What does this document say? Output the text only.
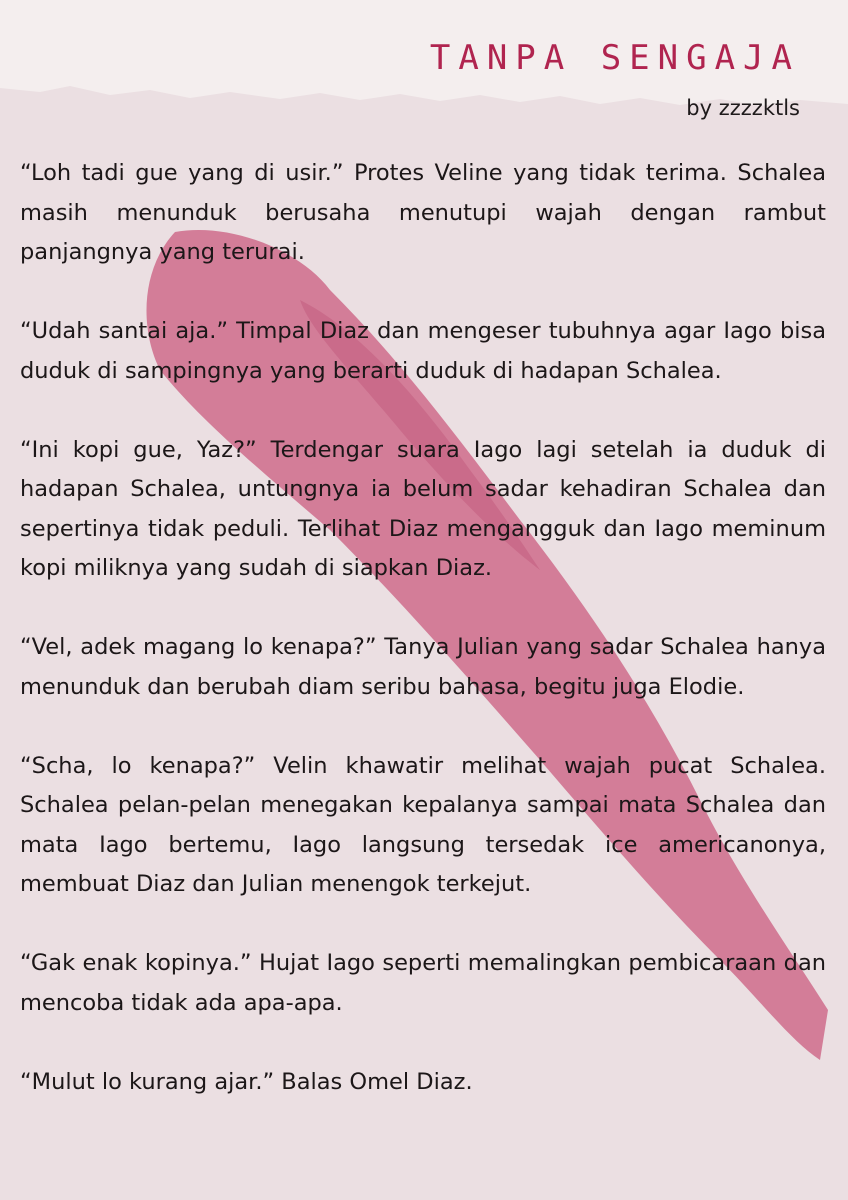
TANPA SENGAJA
by zzzzktls

“Loh tadi gue yang di usir.” Protes Veline yang tidak terima. Schalea masih menunduk berusaha menutupi wajah dengan rambut panjangnya yang terurai.

“Udah santai aja.” Timpal Diaz dan mengeser tubuhnya agar Iago bisa duduk di sampingnya yang berarti duduk di hadapan Schalea.

“Ini kopi gue, Yaz?” Terdengar suara Iago lagi setelah ia duduk di hadapan Schalea, untungnya ia belum sadar kehadiran Schalea dan sepertinya tidak peduli. Terlihat Diaz mengangguk dan Iago meminum kopi miliknya yang sudah di siapkan Diaz.

“Vel, adek magang lo kenapa?” Tanya Julian yang sadar Schalea hanya menunduk dan berubah diam seribu bahasa, begitu juga Elodie.

“Scha, lo kenapa?” Velin khawatir melihat wajah pucat Schalea. Schalea pelan-pelan menegakan kepalanya sampai mata Schalea dan mata Iago bertemu, Iago langsung tersedak ice americanonya, membuat Diaz dan Julian menengok terkejut.

“Gak enak kopinya.” Hujat Iago seperti memalingkan pembicaraan dan mencoba tidak ada apa-apa.

“Mulut lo kurang ajar.” Balas Omel Diaz.
